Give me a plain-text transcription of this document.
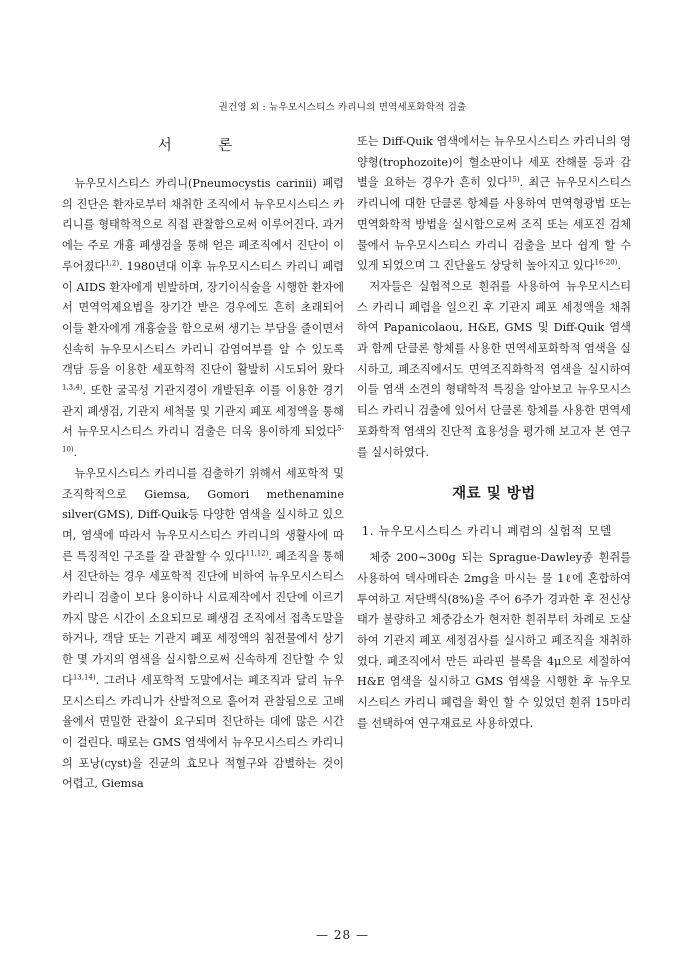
권건영 외 : 뉴우모시스티스 카리니의 면역세포화학적 검출
서　론

뉴우모시스티스 카리니(Pneumocystis carinii) 폐렴의 진단은 환자로부터 채취한 조직에서 뉴우모시스티스 카리니를 형태학적으로 직접 관찰함으로써 이루어진다. 과거에는 주로 개흉 폐생검을 통해 얻은 폐조직에서 진단이 이루어졌다$^{1,2)}$. 1980년대 이후 뉴우모시스티스 카리니 폐렴이 AIDS 환자에게 빈발하며, 장기이식술을 시행한 환자에서 면역억제요법을 장기간 받은 경우에도 흔히 초래되어 이들 환자에게 개흉술을 함으로써 생기는 부담을 줄이면서 신속히 뉴우모시스티스 카리니 감염여부를 알 수 있도록 객담 등을 이용한 세포학적 진단이 활발히 시도되어 왔다$^{1,3,4)}$. 또한 굴곡성 기관지경이 개발된후 이를 이용한 경기관지 폐생검, 기관지 세척물 및 기관지 폐포 세정액을 통해서 뉴우모시스티스 카리니 검출은 더욱 용이하게 되었다$^{5-10)}$.

뉴우모시스티스 카리니를 검출하기 위해서 세포학적 및 조직학적으로 Giemsa, Gomori methenamine silver(GMS), Diff-Quik등 다양한 염색을 실시하고 있으며, 염색에 따라서 뉴우모시스티스 카리니의 생활사에 따른 특징적인 구조를 잘 관찰할 수 있다$^{11,12)}$. 폐조직을 통해서 진단하는 경우 세포학적 진단에 비하여 뉴우모시스티스 카리니 검출이 보다 용이하나 시료제작에서 진단에 이르기까지 많은 시간이 소요되므로 폐생검 조직에서 접촉도말을 하거나, 객담 또는 기관지 폐포 세정액의 침전물에서 상기한 몇 가지의 염색을 실시함으로써 신속하게 진단할 수 있다$^{13,14)}$. 그러나 세포학적 도말에서는 폐조직과 달리 뉴우모시스티스 카리니가 산발적으로 흩어져 관찰됨으로 고배율에서 면밀한 관찰이 요구되며 진단하는 데에 많은 시간이 걸린다. 때로는 GMS 염색에서 뉴우모시스티스 카리니의 포낭(cyst)을 진균의 효모나 적혈구와 감별하는 것이 어렵고, Giemsa

또는 Diff-Quik 염색에서는 뉴우모시스티스 카리니의 영양형(trophozoite)이 혈소판이나 세포 잔해물 등과 감별을 요하는 경우가 흔히 있다$^{15)}$. 최근 뉴우모시스티스 카리니에 대한 단클론 항체를 사용하여 면역형광법 또는 면역화학적 방법을 실시함으로써 조직 또는 세포진 검체물에서 뉴우모시스티스 카리니 검출을 보다 쉽게 할 수 있게 되었으며 그 진단율도 상당히 높아지고 있다$^{16-20)}$.

저자들은 실험적으로 흰쥐를 사용하여 뉴우모시스티스 카리니 폐렴을 일으킨 후 기관지 폐포 세정액을 채취하여 Papanicolaou, H&E, GMS 및 Diff-Quik 염색과 함께 단클론 항체를 사용한 면역세포화학적 염색을 실시하고, 폐조직에서도 면역조직화학적 염색을 실시하여 이들 염색 소견의 형태학적 특징을 알아보고 뉴우모시스티스 카리니 검출에 있어서 단클론 항체를 사용한 면역세포화학적 염색의 진단적 효용성을 평가해 보고자 본 연구를 실시하였다.

재료 및 방법
1. 뉴우모시스티스 카리니 폐렴의 실험적 모델

체중 200∼300g 되는 Sprague-Dawley종 흰쥐를 사용하여 덱사메타손 2mg을 마시는 물 1ℓ에 혼합하여 투여하고 저단백식(8%)을 주어 6주가 경과한 후 전신상태가 불량하고 체중감소가 현저한 흰쥐부터 차례로 도살하여 기관지 폐포 세정검사를 실시하고 폐조직을 채취하였다. 폐조직에서 만든 파라핀 블록을 4μ으로 세절하여 H&E 염색을 실시하고 GMS 염색을 시행한 후 뉴우모시스티스 카리니 폐렴을 확인 할 수 있었던 흰쥐 15마리를 선택하여 연구재료로 사용하였다.

— 28 —
